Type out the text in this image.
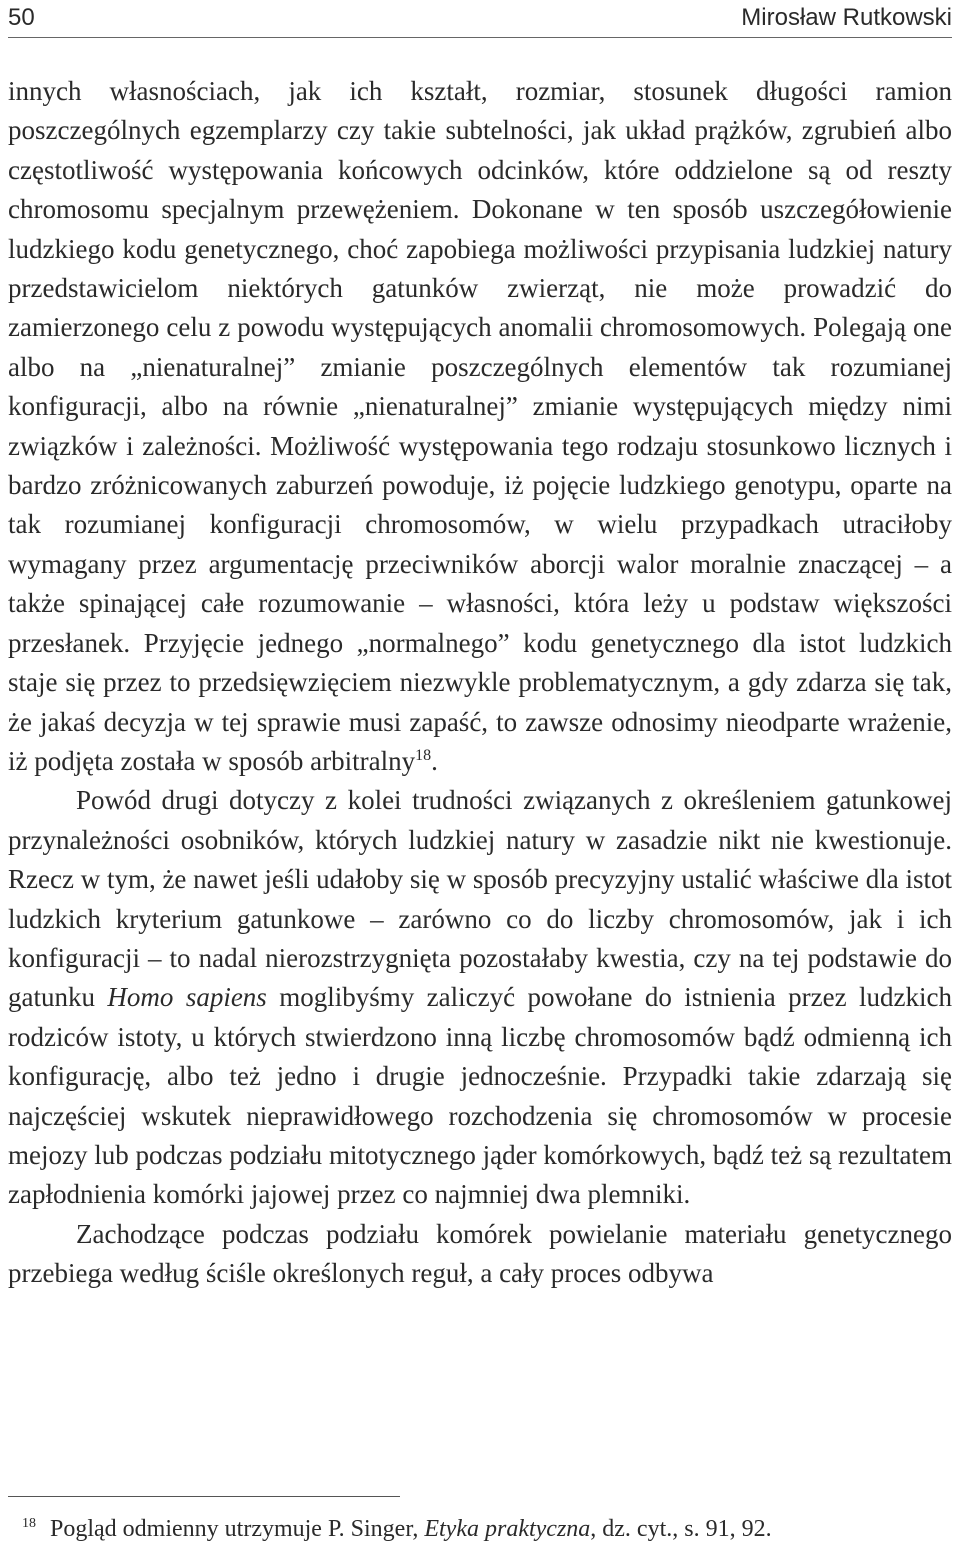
50	Mirosław Rutkowski

innych własnościach, jak ich kształt, rozmiar, stosunek długości ramion poszczególnych egzemplarzy czy takie subtelności, jak układ prążków, zgrubień albo częstotliwość występowania końcowych odcinków, które oddzielone są od reszty chromosomu specjalnym przewężeniem. Dokonane w ten sposób uszczegółowienie ludzkiego kodu genetycznego, choć zapobiega możliwości przypisania ludzkiej natury przedstawicielom niektórych gatunków zwierząt, nie może prowadzić do zamierzonego celu z powodu występujących anomalii chromosomowych. Polegają one albo na „nienaturalnej” zmianie poszczególnych elementów tak rozumianej konfiguracji, albo na równie „nienaturalnej” zmianie występujących między nimi związków i zależności. Możliwość występowania tego rodzaju stosunkowo licznych i bardzo zróżnicowanych zaburzeń powoduje, iż pojęcie ludzkiego genotypu, oparte na tak rozumianej konfiguracji chromosomów, w wielu przypadkach utraciłoby wymagany przez argumentację przeciwników aborcji walor moralnie znaczącej – a także spinającej całe rozumowanie – własności, która leży u podstaw większości przesłanek. Przyjęcie jednego „normalnego” kodu genetycznego dla istot ludzkich staje się przez to przedsięwzięciem niezwykle problematycznym, a gdy zdarza się tak, że jakaś decyzja w tej sprawie musi zapaść, to zawsze odnosimy nieodparte wrażenie, iż podjęta została w sposób arbitralny$^{18}$.

Powód drugi dotyczy z kolei trudności związanych z określeniem gatunkowej przynależności osobników, których ludzkiej natury w zasadzie nikt nie kwestionuje. Rzecz w tym, że nawet jeśli udałoby się w sposób precyzyjny ustalić właściwe dla istot ludzkich kryterium gatunkowe – zarówno co do liczby chromosomów, jak i ich konfiguracji – to nadal nierozstrzygnięta pozostałaby kwestia, czy na tej podstawie do gatunku Homo sapiens moglibyśmy zaliczyć powołane do istnienia przez ludzkich rodziców istoty, u których stwierdzono inną liczbę chromosomów bądź odmienną ich konfigurację, albo też jedno i drugie jednocześnie. Przypadki takie zdarzają się najczęściej wskutek nieprawidłowego rozchodzenia się chromosomów w procesie mejozy lub podczas podziału mitotycznego jąder komórkowych, bądź też są rezultatem zapłodnienia komórki jajowej przez co najmniej dwa plemniki.

Zachodzące podczas podziału komórek powielanie materiału genetycznego przebiega według ściśle określonych reguł, a cały proces odbywa

$^{18}$ Pogląd odmienny utrzymuje P. Singer, Etyka praktyczna, dz. cyt., s. 91, 92.
